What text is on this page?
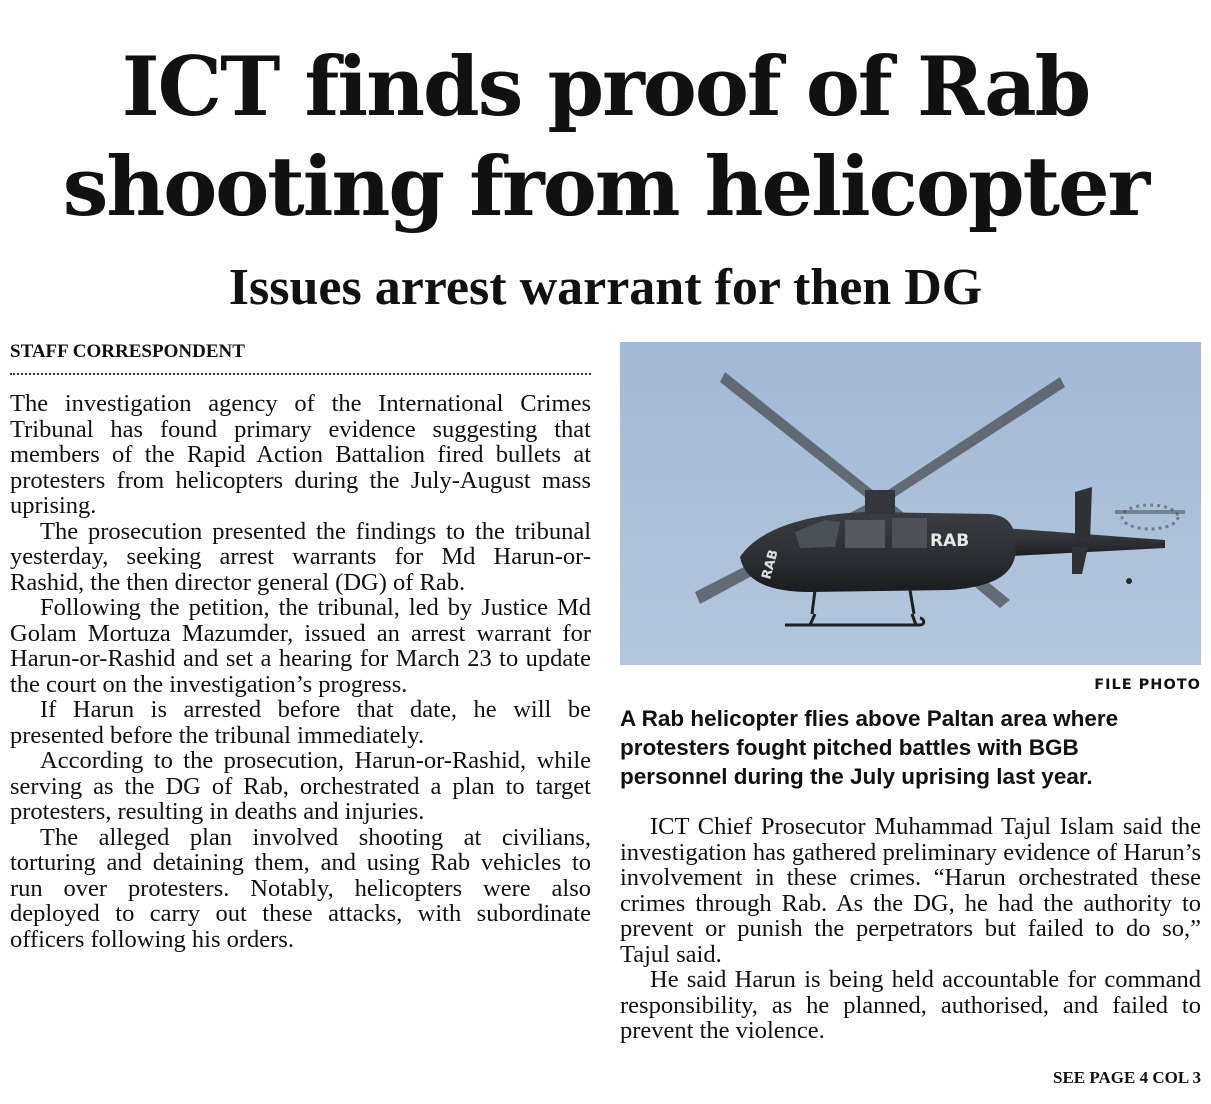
ICT finds proof of Rab
shooting from helicopter
Issues arrest warrant for then DG
STAFF CORRESPONDENT

The investigation agency of the International Crimes Tribunal has found primary evidence suggesting that members of the Rapid Action Battalion fired bullets at protesters from helicopters during the July-August mass uprising.

The prosecution presented the findings to the tribunal yesterday, seeking arrest warrants for Md Harun-or-Rashid, the then director general (DG) of Rab.

Following the petition, the tribunal, led by Justice Md Golam Mortuza Mazumder, issued an arrest warrant for Harun-or-Rashid and set a hearing for March 23 to update the court on the investigation’s progress.

If Harun is arrested before that date, he will be presented before the tribunal immediately.

According to the prosecution, Harun-or-Rashid, while serving as the DG of Rab, orchestrated a plan to target protesters, resulting in deaths and injuries.

The alleged plan involved shooting at civilians, torturing and detaining them, and using Rab vehicles to run over protesters. Notably, helicopters were also deployed to carry out these attacks, with subordinate officers following his orders.

RAB
RAB
FILE PHOTO
A Rab helicopter flies above Paltan area where protesters fought pitched battles with BGB personnel during the July uprising last year.

ICT Chief Prosecutor Muhammad Tajul Islam said the investigation has gathered preliminary evidence of Harun’s involvement in these crimes. “Harun orchestrated these crimes through Rab. As the DG, he had the authority to prevent or punish the perpetrators but failed to do so,” Tajul said.

He said Harun is being held accountable for command responsibility, as he planned, authorised, and failed to prevent the violence.

SEE PAGE 4 COL 3
